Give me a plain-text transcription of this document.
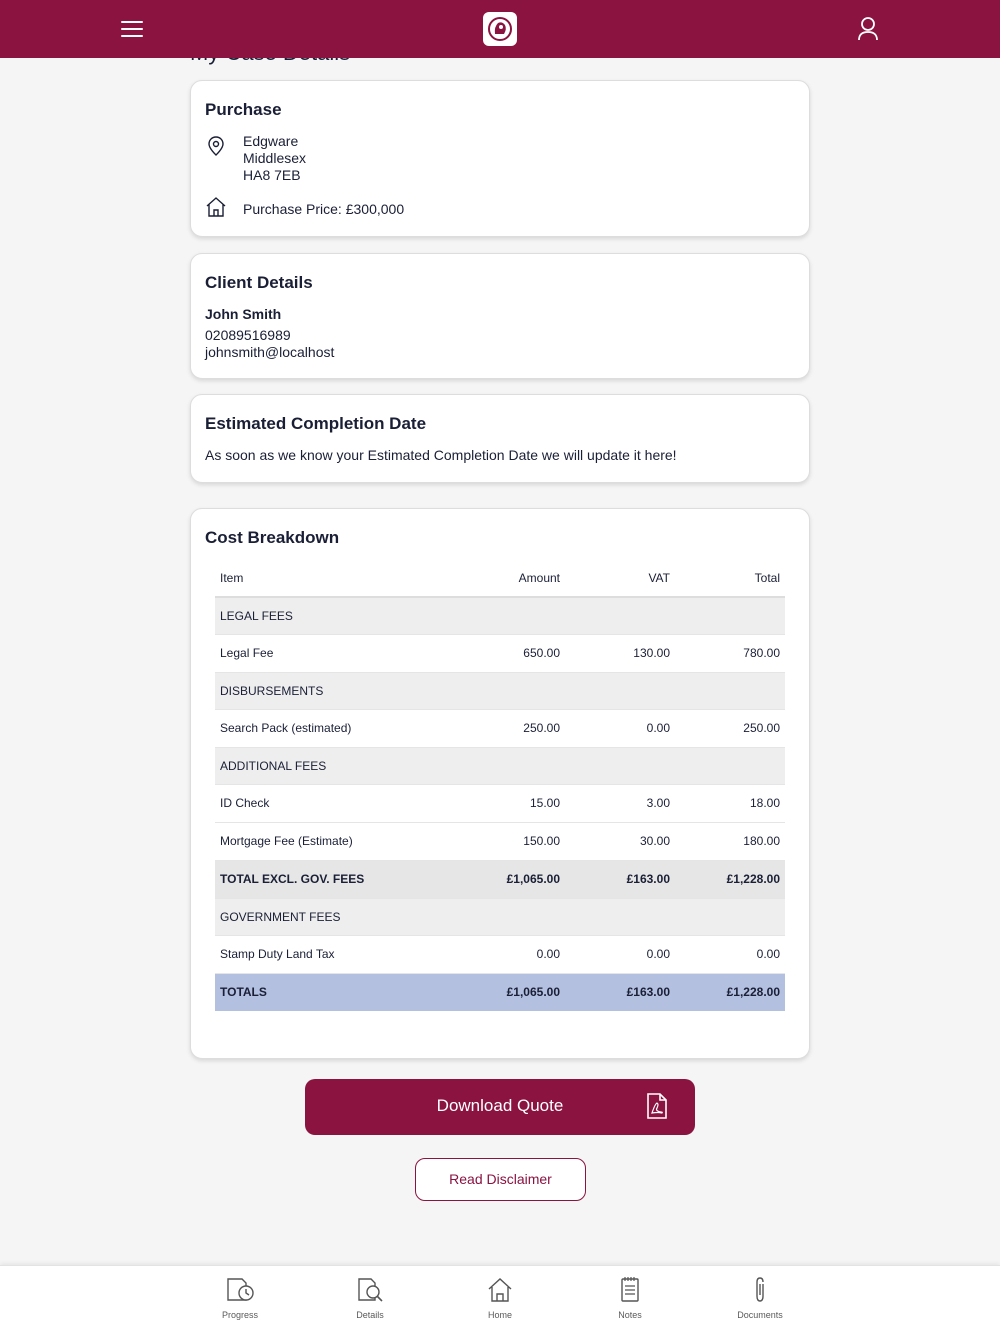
Purchase
Edgware
Middlesex
HA8 7EB
Purchase Price: £300,000
Client Details
John Smith
02089516989
johnsmith@localhost
Estimated Completion Date
As soon as we know your Estimated Completion Date we will update it here!
Cost Breakdown
Item	Amount	VAT	Total
LEGAL FEES			
Legal Fee	650.00	130.00	780.00
DISBURSEMENTS			
Search Pack (estimated)	250.00	0.00	250.00
ADDITIONAL FEES			
ID Check	15.00	3.00	18.00
Mortgage Fee (Estimate)	150.00	30.00	180.00
TOTAL EXCL. GOV. FEES	£1,065.00	£163.00	£1,228.00
GOVERNMENT FEES			
Stamp Duty Land Tax	0.00	0.00	0.00
TOTALS	£1,065.00	£163.00	£1,228.00
Download Quote
Read Disclaimer
Progress	Details	Home	Notes	Documents
